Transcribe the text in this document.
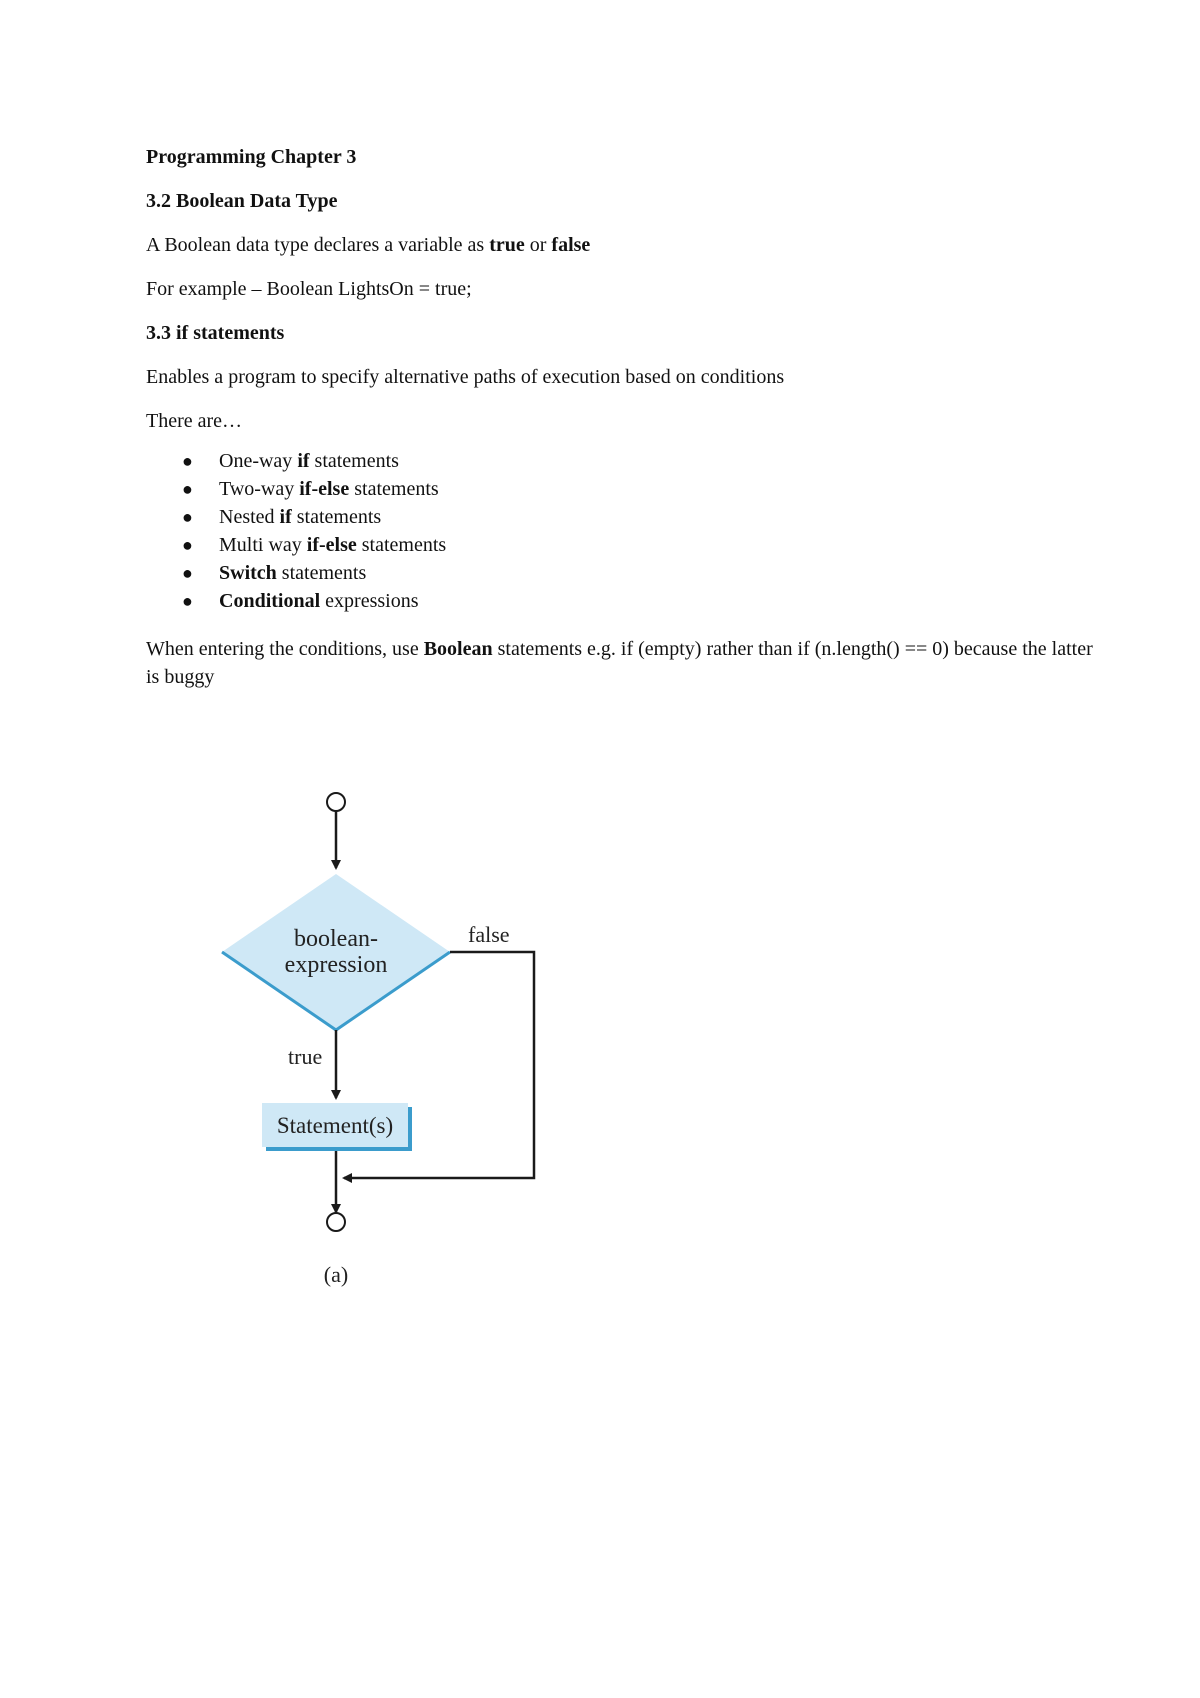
Programming Chapter 3

3.2 Boolean Data Type

A Boolean data type declares a variable as true or false

For example – Boolean LightsOn = true;

3.3 if statements

Enables a program to specify alternative paths of execution based on conditions

There are…

● One-way if statements
● Two-way if-else statements
● Nested if statements
● Multi way if-else statements
● Switch statements
● Conditional expressions

When entering the conditions, use Boolean statements e.g. if (empty) rather than if (n.length() == 0) because the latter is buggy

boolean-
expression
false
true
Statement(s)
(a)
